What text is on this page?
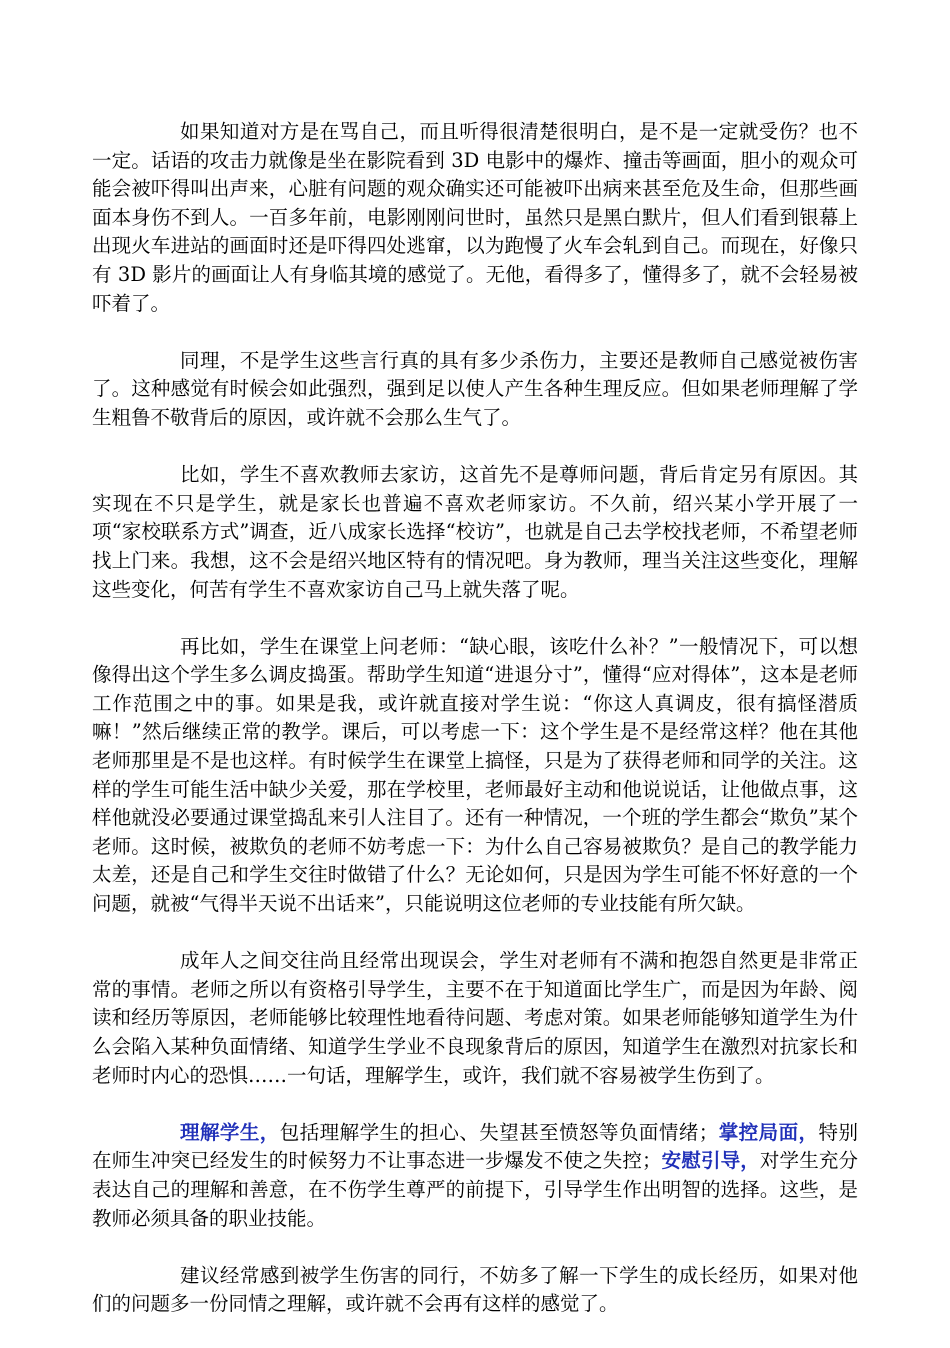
如果知道对方是在骂自己，而且听得很清楚很明白，是不是一定就受伤？也不一定。话语的攻击力就像是坐在影院看到 3D 电影中的爆炸、撞击等画面，胆小的观众可能会被吓得叫出声来，心脏有问题的观众确实还可能被吓出病来甚至危及生命，但那些画面本身伤不到人。一百多年前，电影刚刚问世时，虽然只是黑白默片，但人们看到银幕上出现火车进站的画面时还是吓得四处逃窜，以为跑慢了火车会轧到自己。而现在，好像只有 3D 影片的画面让人有身临其境的感觉了。无他，看得多了，懂得多了，就不会轻易被吓着了。

同理，不是学生这些言行真的具有多少杀伤力，主要还是教师自己感觉被伤害了。这种感觉有时候会如此强烈，强到足以使人产生各种生理反应。但如果老师理解了学生粗鲁不敬背后的原因，或许就不会那么生气了。

比如，学生不喜欢教师去家访，这首先不是尊师问题，背后肯定另有原因。其实现在不只是学生，就是家长也普遍不喜欢老师家访。不久前，绍兴某小学开展了一项“家校联系方式”调查，近八成家长选择“校访”，也就是自己去学校找老师，不希望老师找上门来。我想，这不会是绍兴地区特有的情况吧。身为教师，理当关注这些变化，理解这些变化，何苦有学生不喜欢家访自己马上就失落了呢。

再比如，学生在课堂上问老师：“缺心眼，该吃什么补？”一般情况下，可以想像得出这个学生多么调皮捣蛋。帮助学生知道“进退分寸”，懂得“应对得体”，这本是老师工作范围之中的事。如果是我，或许就直接对学生说：“你这人真调皮，很有搞怪潜质嘛！”然后继续正常的教学。课后，可以考虑一下：这个学生是不是经常这样？他在其他老师那里是不是也这样。有时候学生在课堂上搞怪，只是为了获得老师和同学的关注。这样的学生可能生活中缺少关爱，那在学校里，老师最好主动和他说说话，让他做点事，这样他就没必要通过课堂捣乱来引人注目了。还有一种情况，一个班的学生都会“欺负”某个老师。这时候，被欺负的老师不妨考虑一下：为什么自己容易被欺负？是自己的教学能力太差，还是自己和学生交往时做错了什么？无论如何，只是因为学生可能不怀好意的一个问题，就被“气得半天说不出话来”，只能说明这位老师的专业技能有所欠缺。

成年人之间交往尚且经常出现误会，学生对老师有不满和抱怨自然更是非常正常的事情。老师之所以有资格引导学生，主要不在于知道面比学生广，而是因为年龄、阅读和经历等原因，老师能够比较理性地看待问题、考虑对策。如果老师能够知道学生为什么会陷入某种负面情绪、知道学生学业不良现象背后的原因，知道学生在激烈对抗家长和老师时内心的恐惧……一句话，理解学生，或许，我们就不容易被学生伤到了。

理解学生，包括理解学生的担心、失望甚至愤怒等负面情绪；掌控局面，特别在师生冲突已经发生的时候努力不让事态进一步爆发不使之失控；安慰引导，对学生充分表达自己的理解和善意，在不伤学生尊严的前提下，引导学生作出明智的选择。这些，是教师必须具备的职业技能。

建议经常感到被学生伤害的同行，不妨多了解一下学生的成长经历，如果对他们的问题多一份同情之理解，或许就不会再有这样的感觉了。
